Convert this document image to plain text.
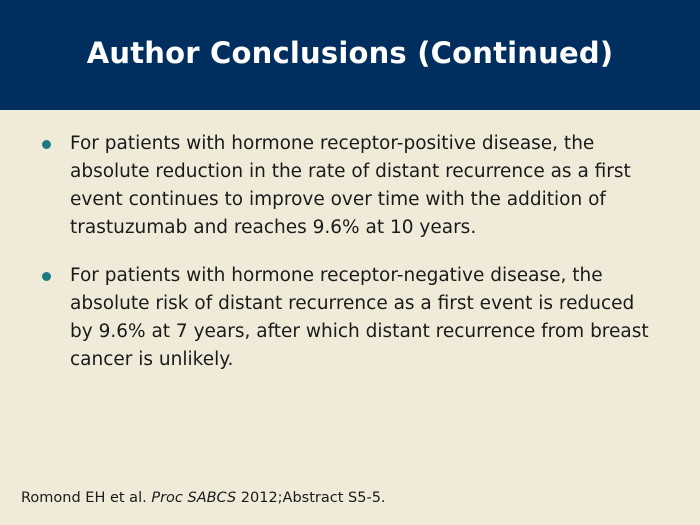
Author Conclusions (Continued)
For patients with hormone receptor-positive disease, the absolute reduction in the rate of distant recurrence as a first event continues to improve over time with the addition of trastuzumab and reaches 9.6% at 10 years.
For patients with hormone receptor-negative disease, the absolute risk of distant recurrence as a first event is reduced by 9.6% at 7 years, after which distant recurrence from breast cancer is unlikely.

Romond EH et al. Proc SABCS 2012;Abstract S5-5.
